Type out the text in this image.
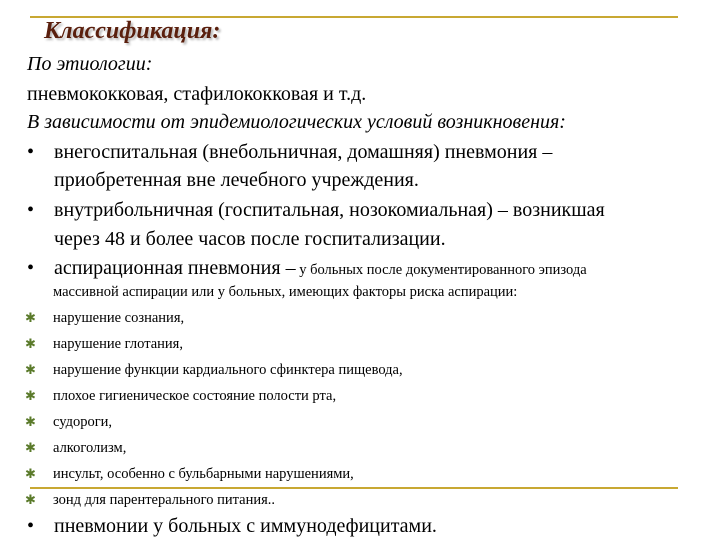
Классификация:
По этиологии:
пневмококковая, стафилококковая и т.д.
В зависимости от эпидемиологических условий возникновения:
• внегоспитальная (внебольничная, домашняя) пневмония –
приобретенная вне лечебного учреждения.
• внутрибольничная (госпитальная, нозокомиальная) – возникшая
через 48 и более часов после госпитализации.
• аспирационная пневмония – у больных после документированного эпизода
массивной аспирации или у больных, имеющих факторы риска аспирации:
✱ нарушение сознания,
✱ нарушение глотания,
✱ нарушение функции кардиального сфинктера пищевода,
✱ плохое гигиеническое состояние полости рта,
✱ судороги,
✱ алкоголизм,
✱ инсульт, особенно с бульбарными нарушениями,
✱ зонд для парентерального питания..
• пневмонии у больных с иммунодефицитами.
